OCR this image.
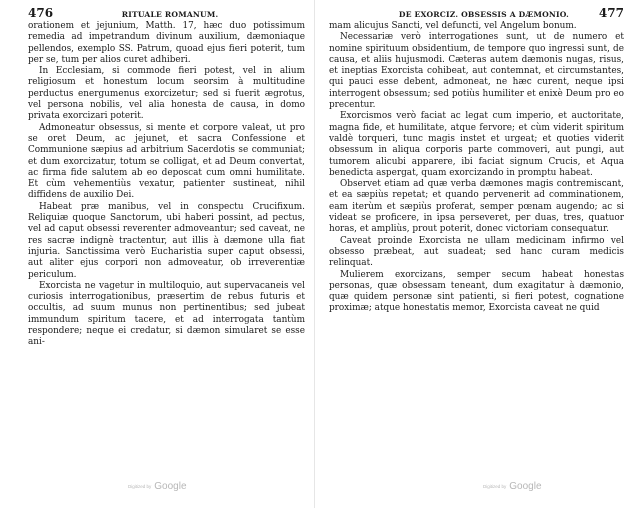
476	RITUALE ROMANUM.

orationem et jejunium, Matth. 17, hæc duo potissimum remedia ad impetrandum divinum auxilium, dæmoniaque pellendos, exemplo SS. Patrum, quoad ejus fieri poterit, tum per se, tum per alios curet adhiberi.

In Ecclesiam, si commode fieri potest, vel in alium religiosum et honestum locum seorsim à multitudine perductus energumenus exorcizetur; sed si fuerit ægrotus, vel persona nobilis, vel alia honesta de causa, in domo privata exorcizari poterit.

Admoneatur obsessus, si mente et corpore valeat, ut pro se oret Deum, ac jejunet, et sacra Confessione et Communione sæpius ad arbitrium Sacerdotis se communiat; et dum exorcizatur, totum se colligat, et ad Deum convertat, ac firma fide salutem ab eo deposcat cum omni humilitate. Et cùm vehementiùs vexatur, patienter sustineat, nihil diffidens de auxilio Dei.

Habeat præ manibus, vel in conspectu Crucifixum. Reliquiæ quoque Sanctorum, ubi haberi possint, ad pectus, vel ad caput obsessi reverenter admoveantur; sed caveat, ne res sacræ indignè tractentur, aut illis à dæmone ulla fiat injuria. Sanctissima verò Eucharistia super caput obsessi, aut aliter ejus corpori non admoveatur, ob irreverentiæ periculum.

Exorcista ne vagetur in multiloquio, aut supervacaneis vel curiosis interrogationibus, præsertim de rebus futuris et occultis, ad suum munus non pertinentibus; sed jubeat immundum spiritum tacere, et ad interrogata tantùm respondere; neque ei credatur, si dæmon simularet se esse ani-

Digitized by Google
DE EXORCIZ. OBSESSIS A DÆMONIO. 477

mam alicujus Sancti, vel defuncti, vel Angelum bonum.

Necessariæ verò interrogationes sunt, ut de numero et nomine spirituum obsidentium, de tempore quo ingressi sunt, de causa, et aliis hujusmodi. Cæteras autem dæmonis nugas, risus, et ineptias Exorcista cohibeat, aut contemnat, et circumstantes, qui pauci esse debent, admoneat, ne hæc curent, neque ipsi interrogent obsessum; sed potiùs humiliter et enixè Deum pro eo precentur.

Exorcismos verò faciat ac legat cum imperio, et auctoritate, magna fide, et humilitate, atque fervore; et cùm viderit spiritum valdè torqueri, tunc magis instet et urgeat; et quoties viderit obsessum in aliqua corporis parte commoveri, aut pungi, aut tumorem alicubi apparere, ibi faciat signum Crucis, et Aqua benedicta aspergat, quam exorcizando in promptu habeat.

Observet etiam ad quæ verba dæmones magis contremiscant, et ea sæpiùs repetat; et quando pervenerit ad comminationem, eam iterùm et sæpiùs proferat, semper pœnam augendo; ac si videat se proficere, in ipsa perseveret, per duas, tres, quatuor horas, et ampliùs, prout poterit, donec victoriam consequatur.

Caveat proinde Exorcista ne ullam medicinam infirmo vel obsesso præbeat, aut suadeat; sed hanc curam medicis relinquat.

Mulierem exorcizans, semper secum habeat honestas personas, quæ obsessam teneant, dum exagitatur à dæmonio, quæ quidem personæ sint patienti, si fieri potest, cognatione proximæ; atque honestatis memor, Exorcista caveat ne quid

Digitized by Google
